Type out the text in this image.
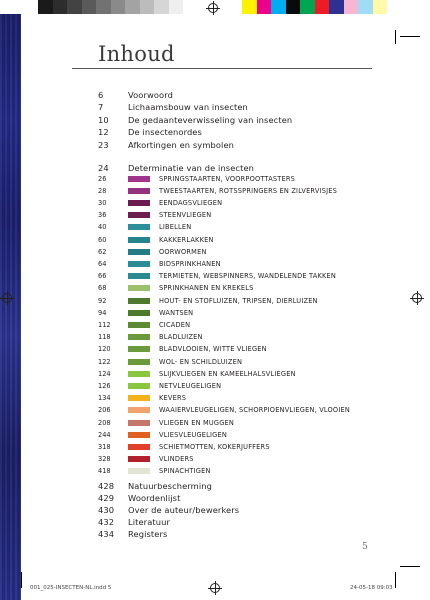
Inhoud
6	Voorwoord
7	Lichaamsbouw van insecten
10	De gedaanteverwisseling van insecten
12	De insectenordes
23	Afkortingen en symbolen
24	Determinatie van de insecten
26	SPRINGSTAARTEN, VOORPOOTTASTERS
28	TWEESTAARTEN, ROTSSPRINGERS EN ZILVERVISJES
30	EENDAGSVLIEGEN
36	STEENVLIEGEN
40	LIBELLEN
60	KAKKERLAKKEN
62	OORWORMEN
64	BIDSPRINKHANEN
66	TERMIETEN, WEBSPINNERS, WANDELENDE TAKKEN
68	SPRINKHANEN EN KREKELS
92	HOUT- EN STOFLUIZEN, TRIPSEN, DIERLUIZEN
94	WANTSEN
112	CICADEN
118	BLADLUIZEN
120	BLADVLOOIEN, WITTE VLIEGEN
122	WOL- EN SCHILDLUIZEN
124	SLIJKVLIEGEN EN KAMEELHALSVLIEGEN
126	NETVLEUGELIGEN
134	KEVERS
206	WAAIERVLEUGELIGEN, SCHORPIOENVLIEGEN, VLOOIEN
208	VLIEGEN EN MUGGEN
244	VLIESVLEUGELIGEN
318	SCHIETMOTTEN, KOKERJUFFERS
328	VLINDERS
418	SPINACHTIGEN
428	Natuurbescherming
429	Woordenlijst
430	Over de auteur/bewerkers
432	Literatuur
434	Registers
5
001_025-INSECTEN-NL.indd 5	24-05-18 09:03
